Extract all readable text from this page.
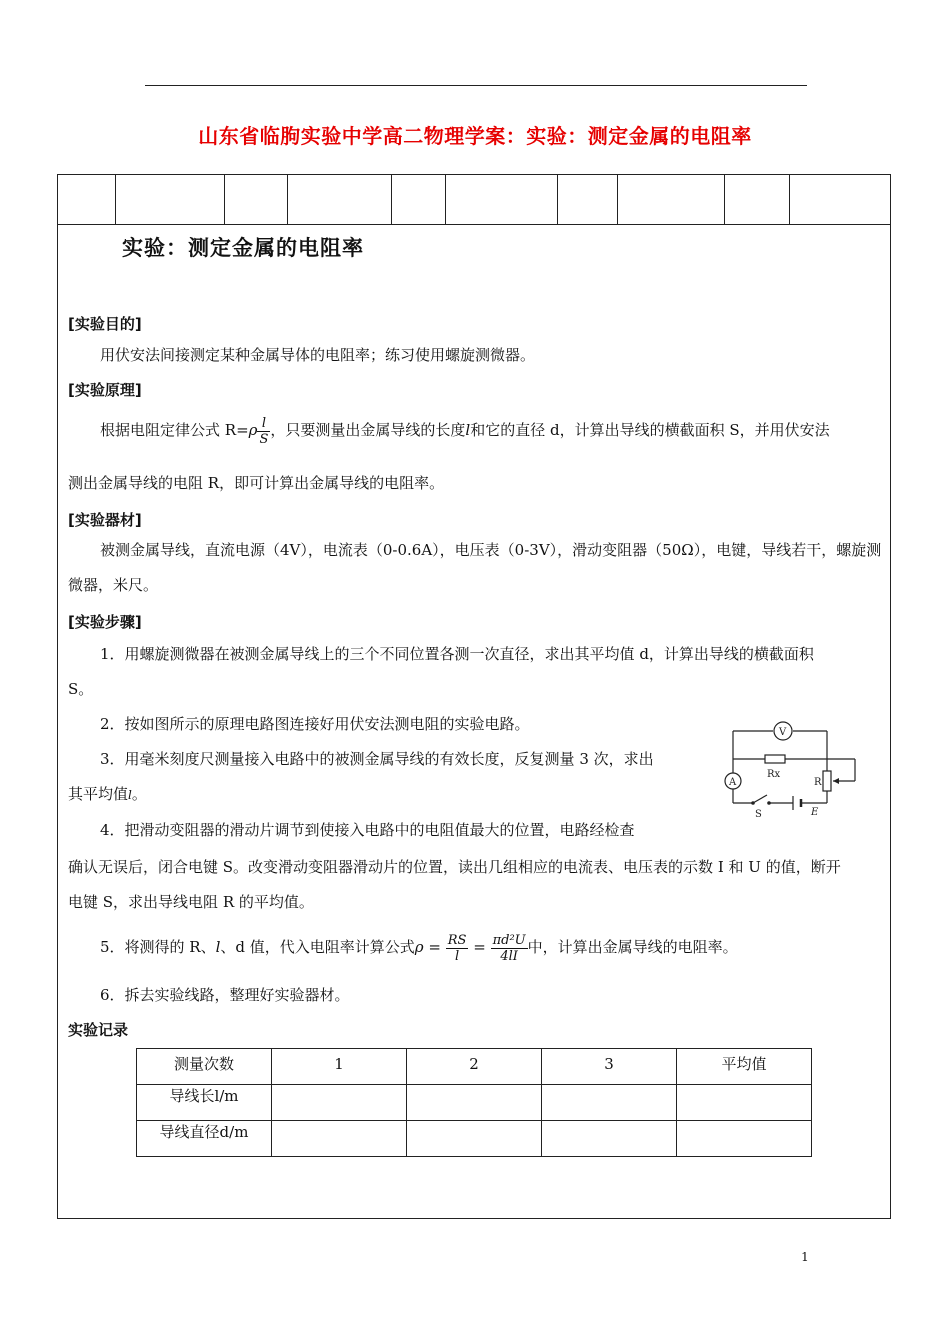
山东省临朐实验中学高二物理学案：实验：测定金属的电阻率
实验：测定金属的电阻率
[实验目的]
用伏安法间接测定某种金属导体的电阻率；练习使用螺旋测微器。
[实验原理]
根据电阻定律公式 $R=\rho \frac{l}{S}$ ，只要测量出金属导线的长度l和它的直径 d，计算出导线的横截面积 S，并用伏安法
测出金属导线的电阻 R，即可计算出金属导线的电阻率。
[实验器材]
被测金属导线，直流电源（4V），电流表（0-0.6A），电压表（0-3V），滑动变阻器（50Ω），电键，导线若干，螺旋测
微器，米尺。
[实验步骤]
1．用螺旋测微器在被测金属导线上的三个不同位置各测一次直径，求出其平均值 d，计算出导线的横截面积
S。
2．按如图所示的原理电路图连接好用伏安法测电阻的实验电路。
3．用毫米刻度尺测量接入电路中的被测金属导线的有效长度，反复测量 3 次，求出
其平均值l。
4．把滑动变阻器的滑动片调节到使接入电路中的电阻值最大的位置，电路经检查
确认无误后，闭合电键 S。改变滑动变阻器滑动片的位置，读出几组相应的电流表、电压表的示数 I 和 U 的值，断开
电键 S，求出导线电阻 R 的平均值。
5．将测得的 R、l、d 值，代入电阻率计算公式$\rho = \frac{RS}{l} = \frac{\text{πd²U}}{4lI}$ 中，计算出金属导线的电阻率。
6．拆去实验线路，整理好实验器材。
V
A
Rx
R
S	E
实验记录
测量次数	1	2	3	平均值
导线长l/m				
导线直径d/m				
1
